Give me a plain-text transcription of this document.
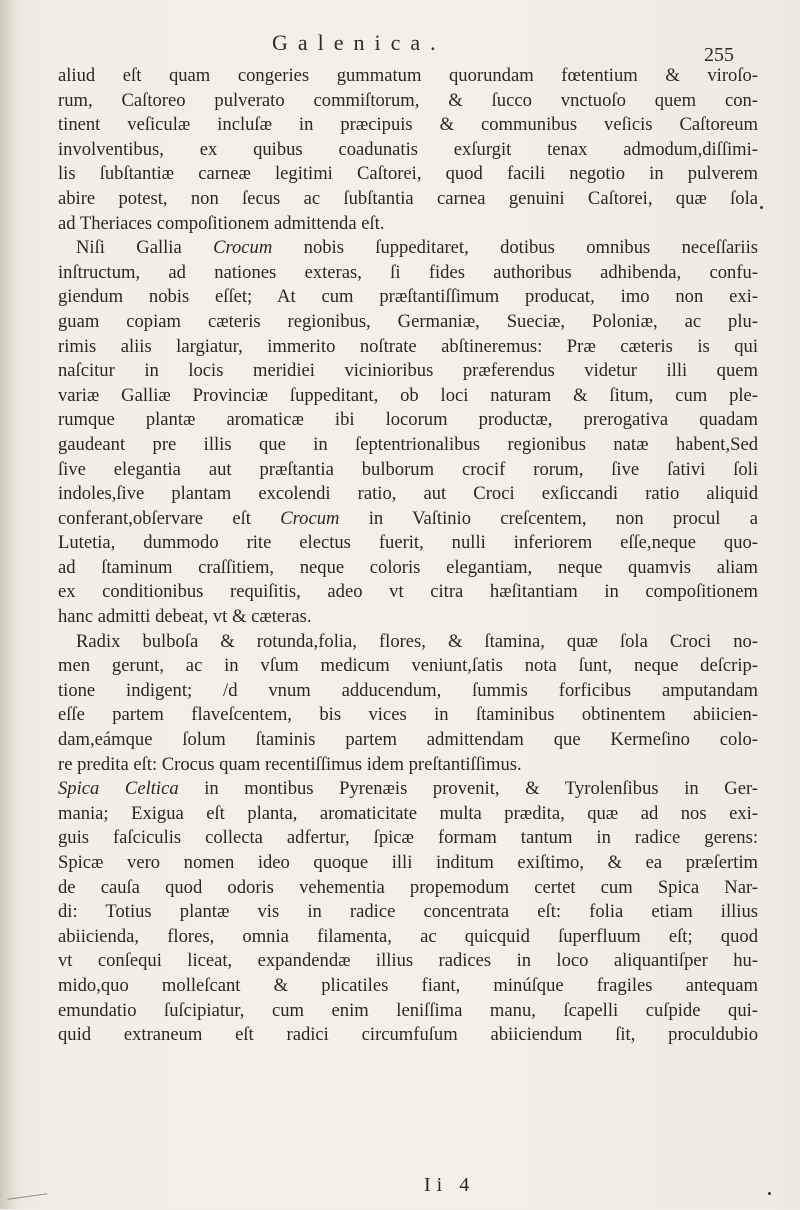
Galenica.	255
aliud eſt quam congeries gummatum quorundam fœtentium & viroſo-
rum, Caſtoreo pulverato commiſtorum, & ſucco vnctuoſo quem con-
tinent veſiculæ incluſæ in præcipuis & communibus veſicis Caſtoreum
involventibus, ex quibus coadunatis exſurgit tenax admodum,diſſimi-
lis ſubſtantiæ carneæ legitimi Caſtorei, quod facili negotio in pulverem
abire potest, non ſecus ac ſubſtantia carnea genuini Caſtorei, quæ ſola
ad Theriaces compoſitionem admittenda eſt.
Niſi Gallia Crocum nobis ſuppeditaret, dotibus omnibus neceſſariis
inſtructum, ad nationes exteras, ſi fides authoribus adhibenda, confu-
giendum nobis eſſet; At cum præſtantiſſimum producat, imo non exi-
guam copiam cæteris regionibus, Germaniæ, Sueciæ, Poloniæ, ac plu-
rimis aliis largiatur, immerito noſtrate abſtineremus: Præ cæteris is qui
naſcitur in locis meridiei vicinioribus præferendus videtur illi quem
variæ Galliæ Provinciæ ſuppeditant, ob loci naturam & ſitum, cum ple-
rumque plantæ aromaticæ ibi locorum productæ, prerogativa quadam
gaudeant pre illis que in ſeptentrionalibus regionibus natæ habent,Sed
ſive elegantia aut præſtantia bulborum crocif rorum, ſive ſativi ſoli
indoles,ſive plantam excolendi ratio, aut Croci exſiccandi ratio aliquid
conferant,obſervare eſt Crocum in Vaſtinio creſcentem, non procul a
Lutetia, dummodo rite electus fuerit, nulli inferiorem eſſe,neque quo-
ad ſtaminum craſſitiem, neque coloris elegantiam, neque quamvis aliam
ex conditionibus requiſitis, adeo vt citra hæſitantiam in compoſitionem
hanc admitti debeat, vt & cæteras.
Radix bulboſa & rotunda,folia, flores, & ſtamina, quæ ſola Croci no-
men gerunt, ac in vſum medicum veniunt,ſatis nota ſunt, neque deſcrip-
tione indigent; /d vnum adducendum, ſummis forficibus amputandam
eſſe partem flaveſcentem, bis vices in ſtaminibus obtinentem abiicien-
dam,eámque ſolum ſtaminis partem admittendam que Kermeſino colo-
re predita eſt: Crocus quam recentiſſimus idem preſtantiſſimus.
Spica Celtica in montibus Pyrenæis provenit, & Tyrolenſibus in Ger-
mania; Exigua eſt planta, aromaticitate multa prædita, quæ ad nos exi-
guis faſciculis collecta adfertur, ſpicæ formam tantum in radice gerens:
Spicæ vero nomen ideo quoque illi inditum exiſtimo, & ea præſertim
de cauſa quod odoris vehementia propemodum certet cum Spica Nar-
di: Totius plantæ vis in radice concentrata eſt: folia etiam illius
abiicienda, flores, omnia filamenta, ac quicquid ſuperfluum eſt; quod
vt conſequi liceat, expandendæ illius radices in loco aliquantiſper hu-
mido,quo molleſcant & plicatiles fiant, minúſque fragiles antequam
emundatio ſuſcipiatur, cum enim leniſſima manu, ſcapelli cuſpide qui-
quid extraneum eſt radici circumfuſum abiiciendum ſit, proculdubio
Ii 4
